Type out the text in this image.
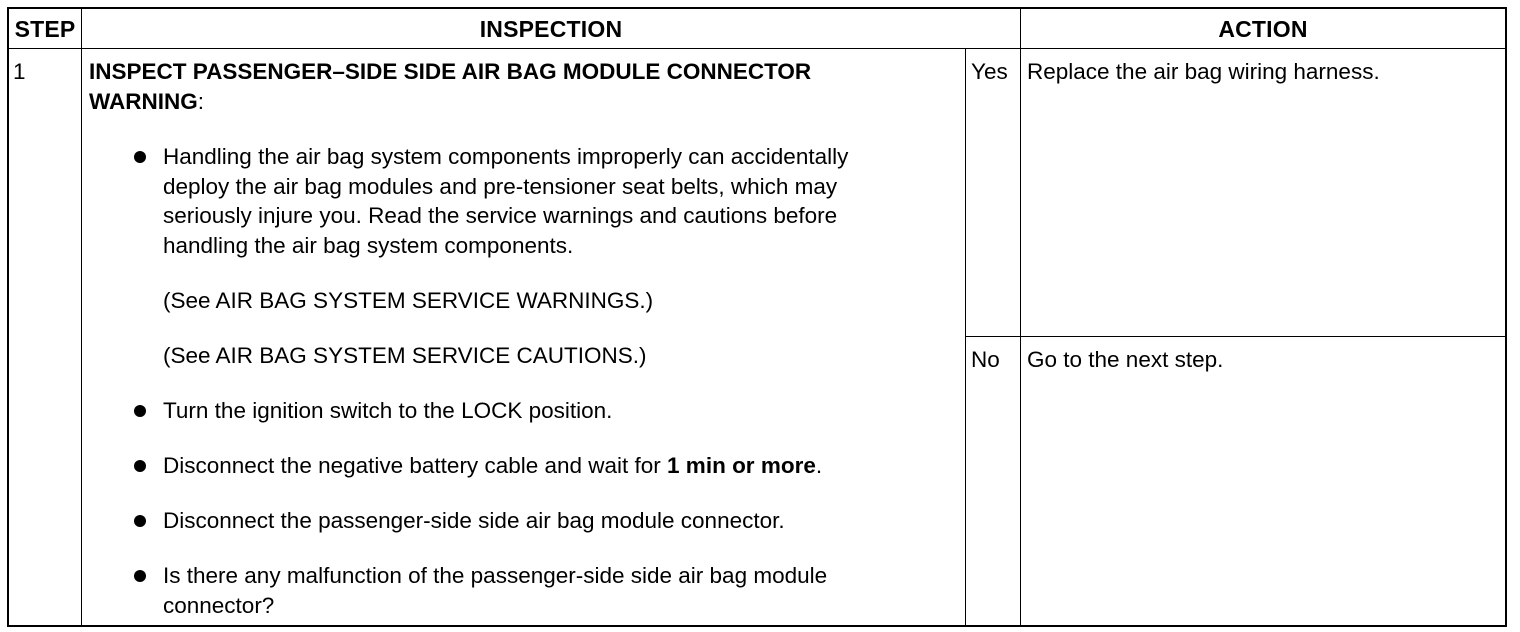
STEP	INSPECTION	ACTION
1	INSPECT PASSENGER–SIDE SIDE AIR BAG MODULE CONNECTOR
WARNING:
Handling the air bag system components improperly can accidentally
deploy the air bag modules and pre-tensioner seat belts, which may
seriously injure you. Read the service warnings and cautions before
handling the air bag system components.
(See AIR BAG SYSTEM SERVICE WARNINGS.)
(See AIR BAG SYSTEM SERVICE CAUTIONS.)
Turn the ignition switch to the LOCK position.
Disconnect the negative battery cable and wait for 1 min or more.
Disconnect the passenger-side side air bag module connector.
Is there any malfunction of the passenger-side side air bag module
connector?
Yes Replace the air bag wiring harness.
No Go to the next step.
